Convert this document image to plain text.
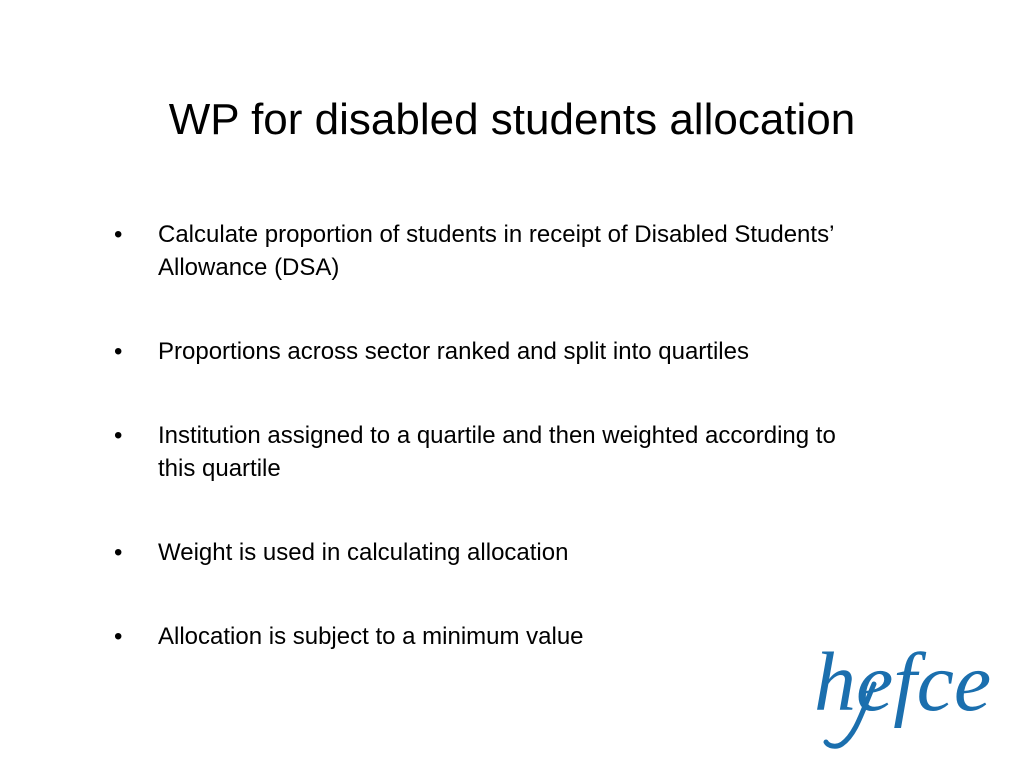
WP for disabled students allocation
•	Calculate proportion of students in receipt of Disabled Students’ Allowance (DSA)
•	Proportions across sector ranked and split into quartiles
•	Institution assigned to a quartile and then weighted according to this quartile
•	Weight is used in calculating allocation
•	Allocation is subject to a minimum value	hefce
